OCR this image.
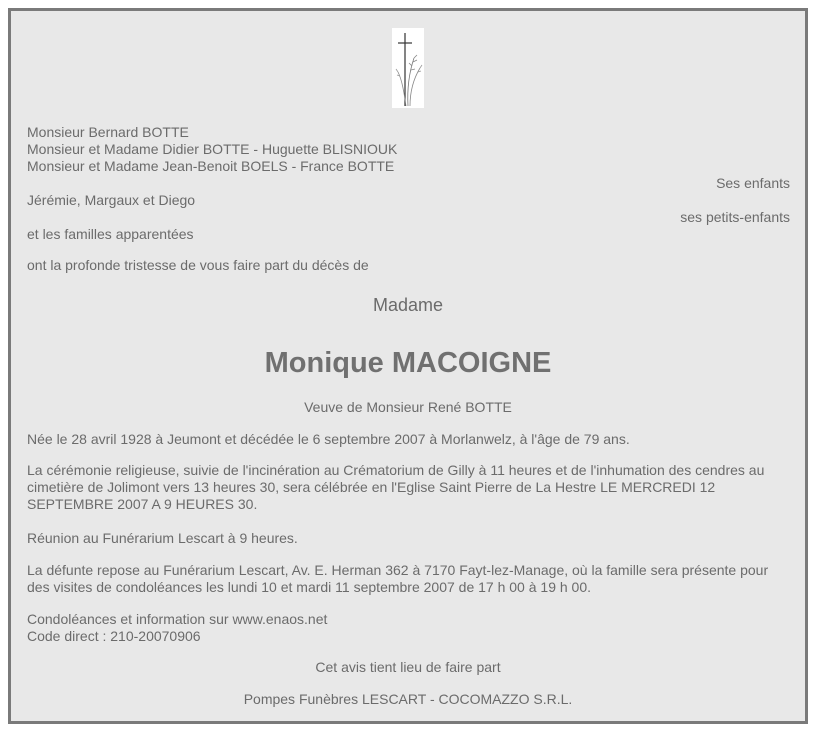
Monsieur Bernard BOTTE
Monsieur et Madame Didier BOTTE - Huguette BLISNIOUK
Monsieur et Madame Jean-Benoit BOELS - France BOTTE
Ses enfants
Jérémie, Margaux et Diego
ses petits-enfants
et les familles apparentées
ont la profonde tristesse de vous faire part du décès de
Madame
Monique MACOIGNE
Veuve de Monsieur René BOTTE
Née le 28 avril 1928 à Jeumont et décédée le 6 septembre 2007 à Morlanwelz, à l'âge de 79 ans.
La cérémonie religieuse, suivie de l'incinération au Crématorium de Gilly à 11 heures et de l'inhumation des cendres au cimetière de Jolimont vers 13 heures 30, sera célébrée en l'Eglise Saint Pierre de La Hestre LE MERCREDI 12 SEPTEMBRE 2007 A 9 HEURES 30.
Réunion au Funérarium Lescart à 9 heures.
La défunte repose au Funérarium Lescart, Av. E. Herman 362 à 7170 Fayt-lez-Manage, où la famille sera présente pour des visites de condoléances les lundi 10 et mardi 11 septembre 2007 de 17 h 00 à 19 h 00.
Condoléances et information sur www.enaos.net
Code direct : 210-20070906
Cet avis tient lieu de faire part
Pompes Funèbres LESCART - COCOMAZZO S.R.L.
